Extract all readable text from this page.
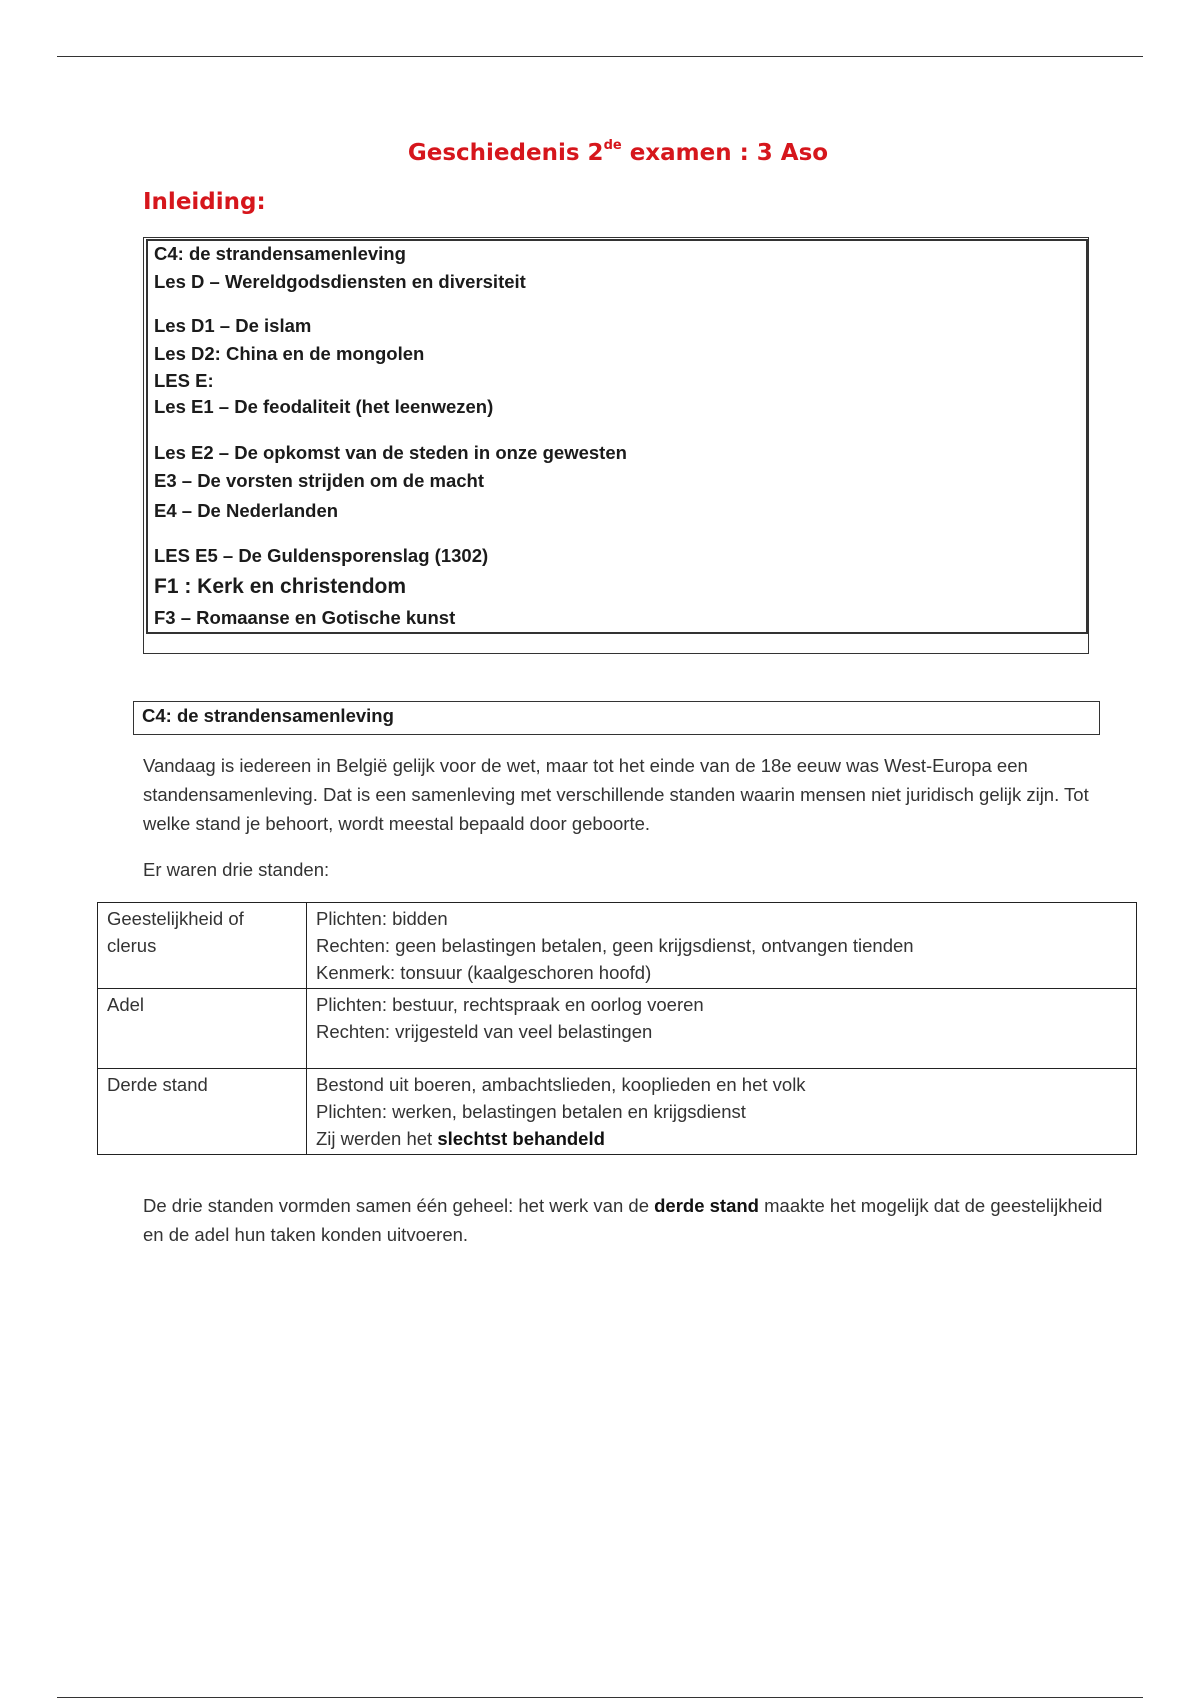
Geschiedenis 2de examen : 3 Aso
Inleiding:
C4: de strandensamenleving
Les D – Wereldgodsdiensten en diversiteit
Les D1 – De islam
Les D2: China en de mongolen
LES E:
Les E1 – De feodaliteit (het leenwezen)
Les E2 – De opkomst van de steden in onze gewesten
E3 – De vorsten strijden om de macht
E4 – De Nederlanden
LES E5 – De Guldensporenslag (1302)
F1 : Kerk en christendom
F3 – Romaanse en Gotische kunst
C4: de strandensamenleving
Vandaag is iedereen in België gelijk voor de wet, maar tot het einde van de 18e eeuw was West-Europa een standensamenleving. Dat is een samenleving met verschillende standen waarin mensen niet juridisch gelijk zijn. Tot welke stand je behoort, wordt meestal bepaald door geboorte.
Er waren drie standen:
Geestelijkheid of clerus	Plichten: bidden
Rechten: geen belastingen betalen, geen krijgsdienst, ontvangen tienden
Kenmerk: tonsuur (kaalgeschoren hoofd)

Adel	Plichten: bestuur, rechtspraak en oorlog voeren
Rechten: vrijgesteld van veel belastingen

Derde stand	Bestond uit boeren, ambachtslieden, kooplieden en het volk
Plichten: werken, belastingen betalen en krijgsdienst
Zij werden het slechtst behandeld
De drie standen vormden samen één geheel: het werk van de derde stand maakte het mogelijk dat de geestelijkheid en de adel hun taken konden uitvoeren.
